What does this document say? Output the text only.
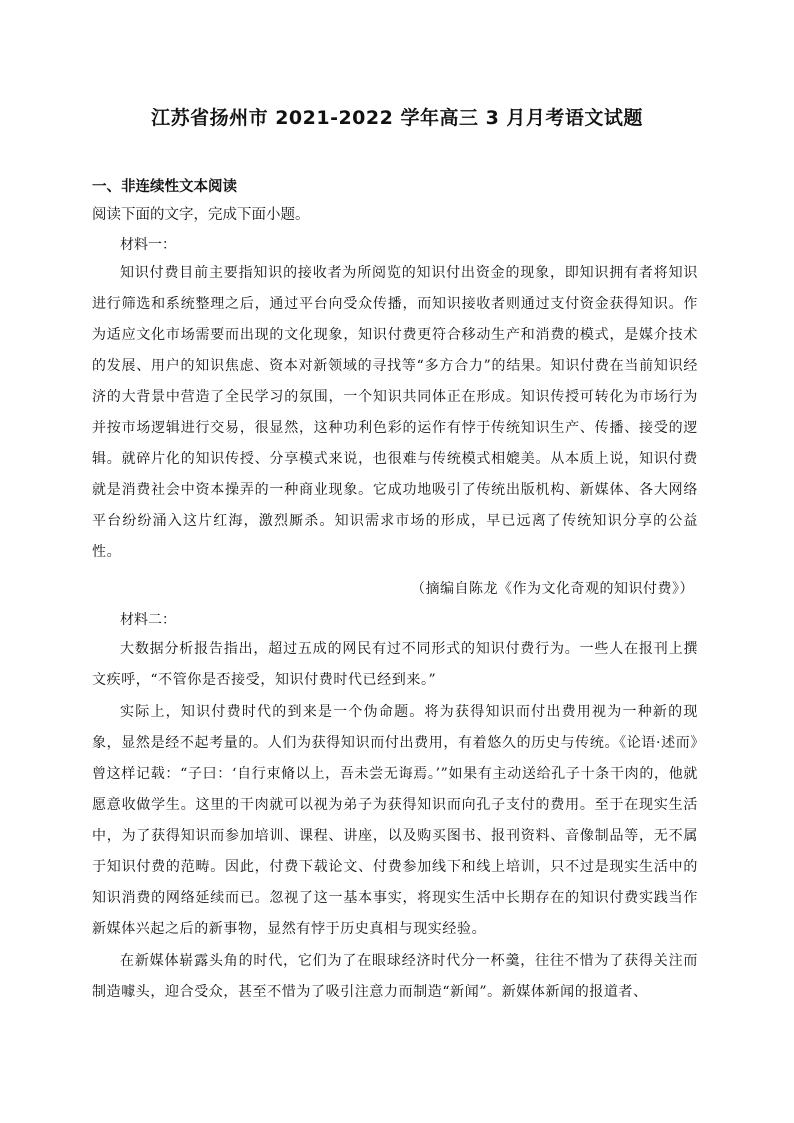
江苏省扬州市 2021-2022 学年高三 3 月月考语文试题
一、非连续性文本阅读
阅读下面的文字，完成下面小题。
材料一：
知识付费目前主要指知识的接收者为所阅览的知识付出资金的现象，即知识拥有者将知识进行筛选和系统整理之后，通过平台向受众传播，而知识接收者则通过支付资金获得知识。作为适应文化市场需要而出现的文化现象，知识付费更符合移动生产和消费的模式，是媒介技术的发展、用户的知识焦虑、资本对新领域的寻找等“多方合力”的结果。知识付费在当前知识经济的大背景中营造了全民学习的氛围，一个知识共同体正在形成。知识传授可转化为市场行为并按市场逻辑进行交易，很显然，这种功利色彩的运作有悖于传统知识生产、传播、接受的逻辑。就碎片化的知识传授、分享模式来说，也很难与传统模式相媲美。从本质上说，知识付费就是消费社会中资本操弄的一种商业现象。它成功地吸引了传统出版机构、新媒体、各大网络平台纷纷涌入这片红海，激烈厮杀。知识需求市场的形成，早已远离了传统知识分享的公益性。
（摘编自陈龙《作为文化奇观的知识付费》）
材料二：
大数据分析报告指出，超过五成的网民有过不同形式的知识付费行为。一些人在报刊上撰文疾呼，“不管你是否接受，知识付费时代已经到来。”
实际上，知识付费时代的到来是一个伪命题。将为获得知识而付出费用视为一种新的现象，显然是经不起考量的。人们为获得知识而付出费用，有着悠久的历史与传统。《论语·述而》曾这样记载：“子曰：‘自行束脩以上，吾未尝无诲焉。’”如果有主动送给孔子十条干肉的，他就愿意收做学生。这里的干肉就可以视为弟子为获得知识而向孔子支付的费用。至于在现实生活中，为了获得知识而参加培训、课程、讲座，以及购买图书、报刊资料、音像制品等，无不属于知识付费的范畴。因此，付费下载论文、付费参加线下和线上培训，只不过是现实生活中的知识消费的网络延续而已。忽视了这一基本事实，将现实生活中长期存在的知识付费实践当作新媒体兴起之后的新事物，显然有悖于历史真相与现实经验。
在新媒体崭露头角的时代，它们为了在眼球经济时代分一杯羹，往往不惜为了获得关注而制造噱头，迎合受众，甚至不惜为了吸引注意力而制造“新闻”。新媒体新闻的报道者、
